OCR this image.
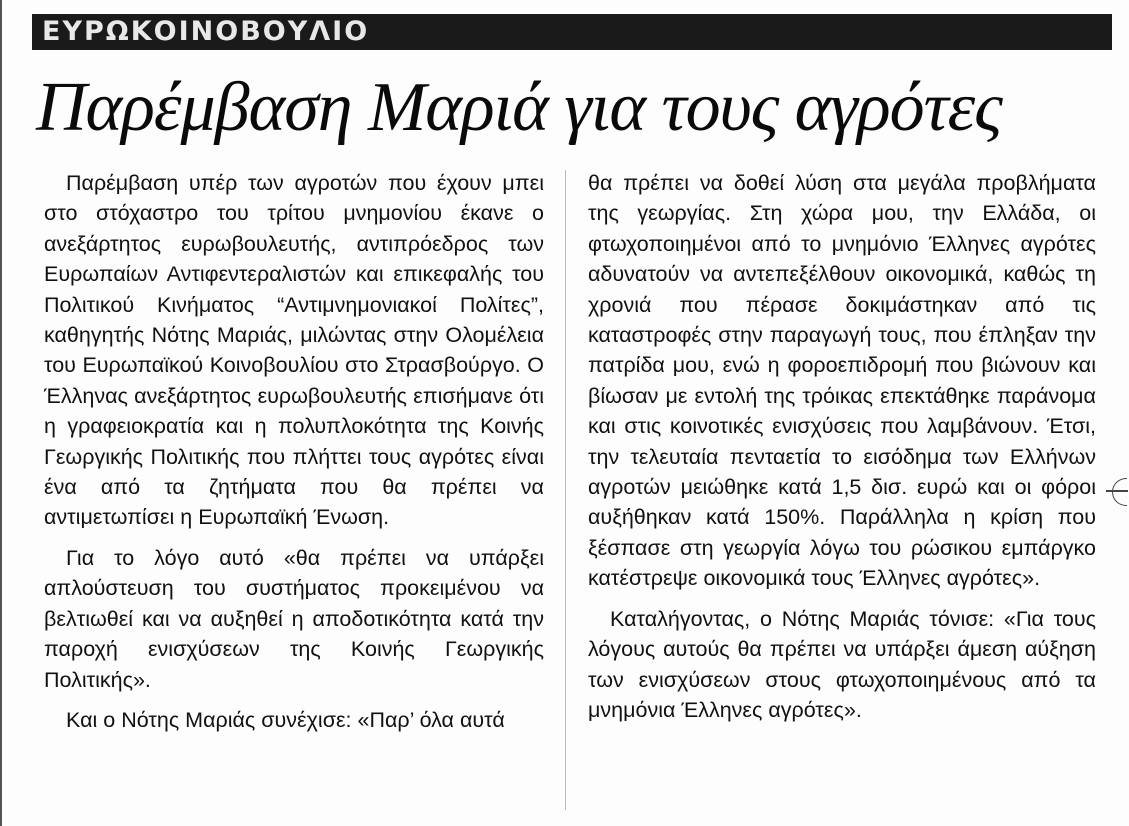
ΕΥΡΩΚΟΙΝΟΒΟΥΛΙΟ
Παρέμβαση Mαριά για τους αγρότες

Παρέμβαση υπέρ των αγροτών που έχουν μπει στο στόχαστρο του τρίτου μνημονίου έκανε ο ανεξάρτητος ευρωβουλευτής, αντιπρόεδρος των Ευρωπαίων Αντιφεντεραλιστών και επικεφαλής του Πολιτικού Κινήματος “Αντιμνημονιακοί Πολίτες”, καθηγητής Νότης Μαριάς, μιλώντας στην Ολομέλεια του Ευρωπαϊκού Κοινοβουλίου στο Στρασβούργο. Ο Έλληνας ανεξάρτητος ευρωβουλευτής επισήμανε ότι η γραφειοκρατία και η πολυπλοκότητα της Κοινής Γεωργικής Πολιτικής που πλήττει τους αγρότες είναι ένα από τα ζητήματα που θα πρέπει να αντιμετωπίσει η Ευρωπαϊκή Ένωση.

Για το λόγο αυτό «θα πρέπει να υπάρξει απλούστευση του συστήματος προκειμένου να βελτιωθεί και να αυξηθεί η αποδοτικότητα κατά την παροχή ενισχύσεων της Κοινής Γεωργικής Πολιτικής».

Και ο Νότης Μαριάς συνέχισε: «Παρ’ όλα αυτά

θα πρέπει να δοθεί λύση στα μεγάλα προβλήματα της γεωργίας. Στη χώρα μου, την Ελλάδα, οι φτωχοποιημένοι από το μνημόνιο Έλληνες αγρότες αδυνατούν να αντεπεξέλθουν οικονομικά, καθώς τη χρονιά που πέρασε δοκιμάστηκαν από τις καταστροφές στην παραγωγή τους, που έπληξαν την πατρίδα μου, ενώ η φοροεπιδρομή που βιώνουν και βίωσαν με εντολή της τρόικας επεκτάθηκε παράνομα και στις κοινοτικές ενισχύσεις που λαμβάνουν. Έτσι, την τελευταία πενταετία το εισόδημα των Ελλήνων αγροτών μειώθηκε κατά 1,5 δισ. ευρώ και οι φόροι αυξήθηκαν κατά 150%. Παράλληλα η κρίση που ξέσπασε στη γεωργία λόγω του ρώσικου εμπάργκο κατέστρεψε οικονομικά τους Έλληνες αγρότες».

Καταλήγοντας, ο Νότης Μαριάς τόνισε: «Για τους λόγους αυτούς θα πρέπει να υπάρξει άμεση αύξηση των ενισχύσεων στους φτωχοποιημένους από τα μνημόνια Έλληνες αγρότες».
